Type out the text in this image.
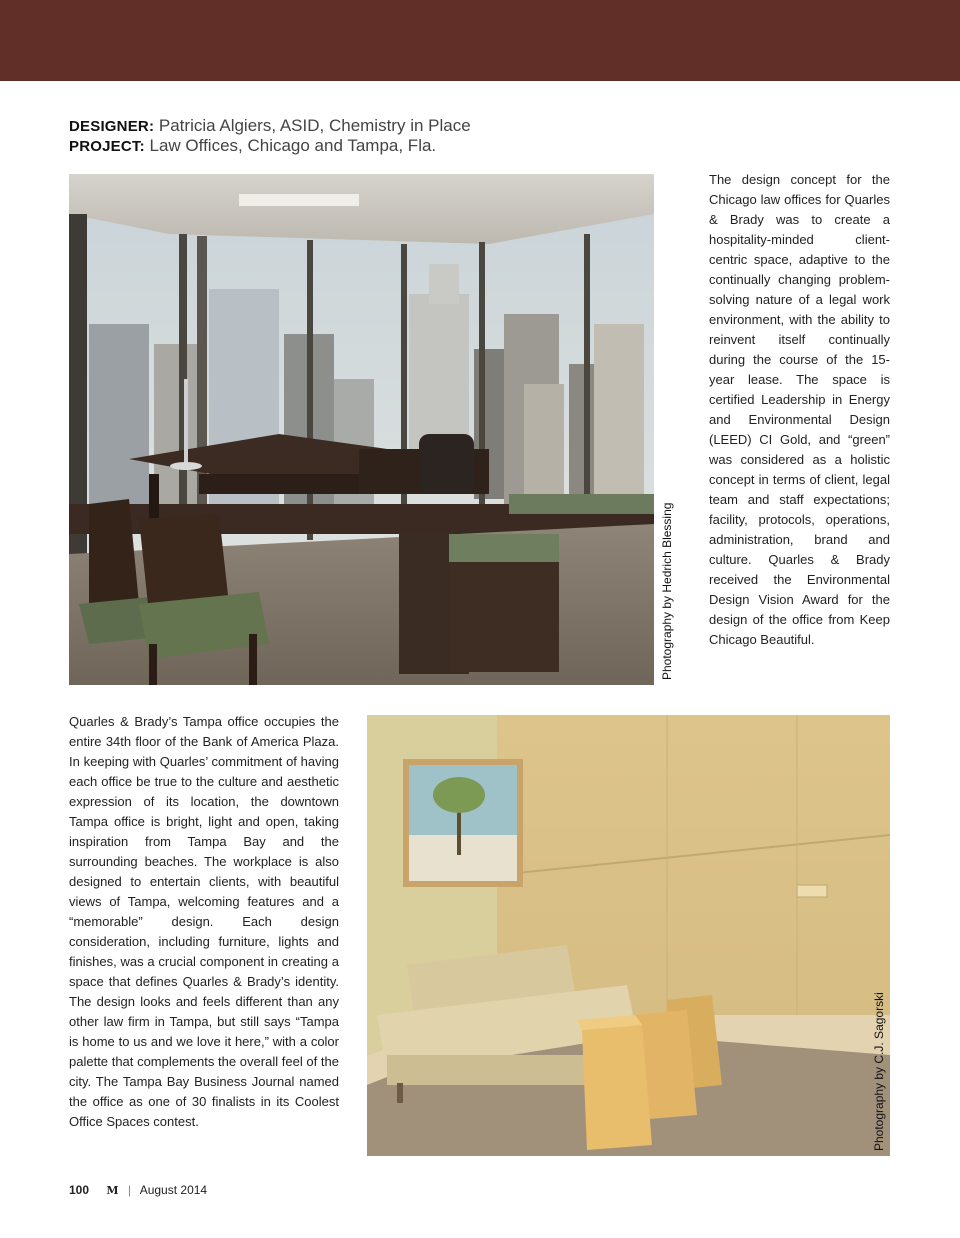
DESIGNER: Patricia Algiers, ASID, Chemistry in Place
PROJECT: Law Offices, Chicago and Tampa, Fla.
Photography by Hedrich Blessing
The design concept for the Chicago law offices for Quarles & Brady was to create a hospitality-minded client-centric space, adaptive to the continually changing problem-solving nature of a legal work environment, with the ability to reinvent itself continually during the course of the 15-year lease. The space is certified Leadership in Energy and Environmental Design (LEED) CI Gold, and “green” was considered as a holistic concept in terms of client, legal team and staff expectations; facility, protocols, operations, administration, brand and culture. Quarles & Brady received the Environmental Design Vision Award for the design of the office from Keep Chicago Beautiful.
Quarles & Brady’s Tampa office occupies the entire 34th floor of the Bank of America Plaza. In keeping with Quarles’ commitment of having each office be true to the culture and aesthetic expression of its location, the downtown Tampa office is bright, light and open, taking inspiration from Tampa Bay and the surrounding beaches. The workplace is also designed to entertain clients, with beautiful views of Tampa, welcoming features and a “memorable” design. Each design consideration, including furniture, lights and finishes, was a crucial component in creating a space that defines Quarles & Brady’s identity. The design looks and feels different than any other law firm in Tampa, but still says “Tampa is home to us and we love it here,” with a color palette that complements the overall feel of the city. The Tampa Bay Business Journal named the office as one of 30 finalists in its Coolest Office Spaces contest.	Photography by C.J. Sagorski
100 M | August 2014
